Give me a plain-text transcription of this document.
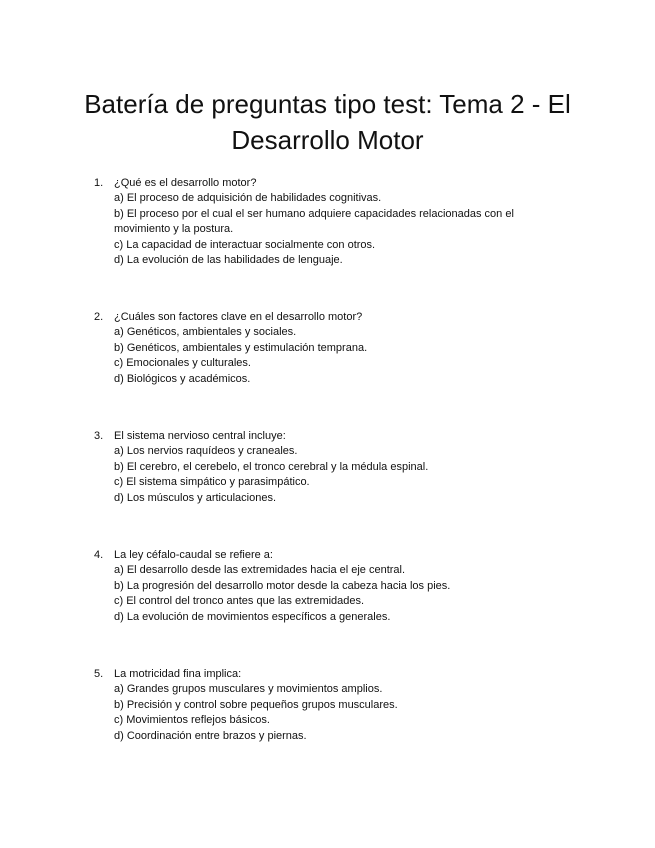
Batería de preguntas tipo test: Tema 2 - El Desarrollo Motor
1. ¿Qué es el desarrollo motor?
a) El proceso de adquisición de habilidades cognitivas.
b) El proceso por el cual el ser humano adquiere capacidades relacionadas con el movimiento y la postura.
c) La capacidad de interactuar socialmente con otros.
d) La evolución de las habilidades de lenguaje.
2. ¿Cuáles son factores clave en el desarrollo motor?
a) Genéticos, ambientales y sociales.
b) Genéticos, ambientales y estimulación temprana.
c) Emocionales y culturales.
d) Biológicos y académicos.
3. El sistema nervioso central incluye:
a) Los nervios raquídeos y craneales.
b) El cerebro, el cerebelo, el tronco cerebral y la médula espinal.
c) El sistema simpático y parasimpático.
d) Los músculos y articulaciones.
4. La ley céfalo-caudal se refiere a:
a) El desarrollo desde las extremidades hacia el eje central.
b) La progresión del desarrollo motor desde la cabeza hacia los pies.
c) El control del tronco antes que las extremidades.
d) La evolución de movimientos específicos a generales.
5. La motricidad fina implica:
a) Grandes grupos musculares y movimientos amplios.
b) Precisión y control sobre pequeños grupos musculares.
c) Movimientos reflejos básicos.
d) Coordinación entre brazos y piernas.
